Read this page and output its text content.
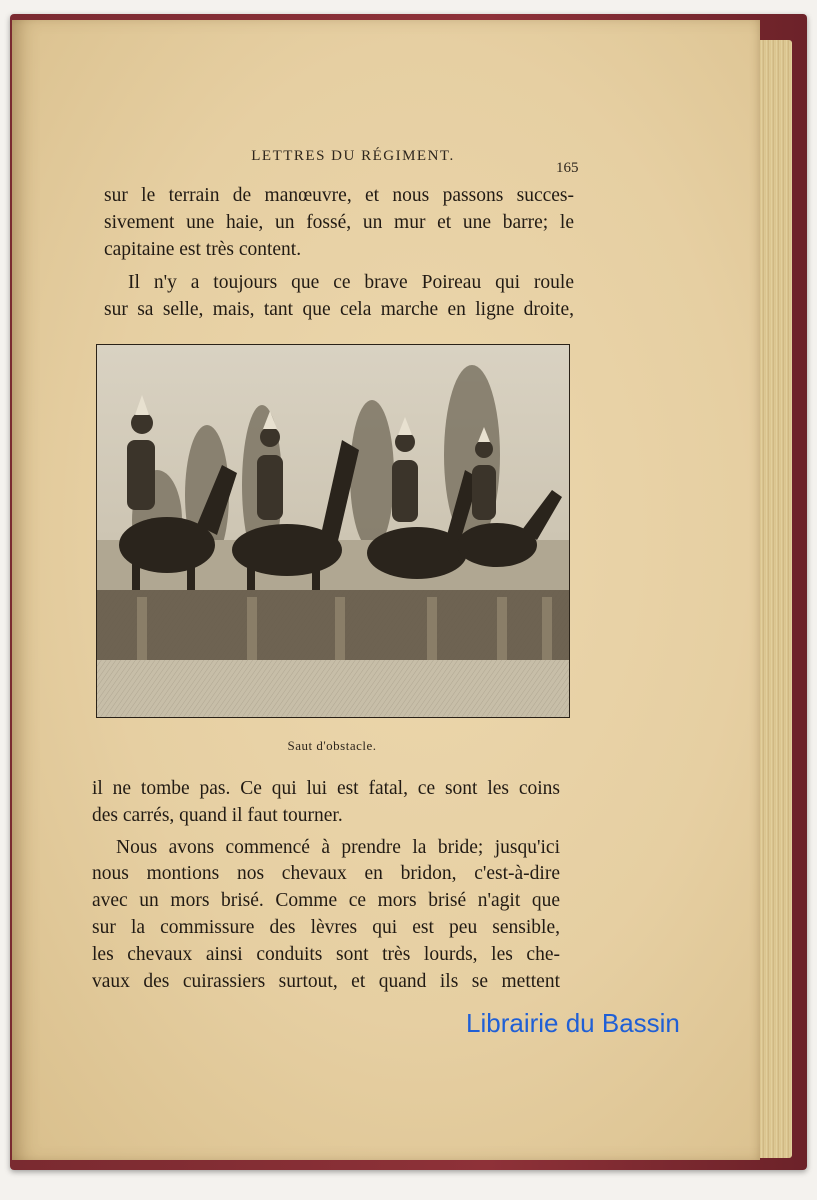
LETTRES DU RÉGIMENT.
165
sur le terrain de manœuvre, et nous passons succes-
sivement une haie, un fossé, un mur et une barre; le
capitaine est très content.
Il n'y a toujours que ce brave Poireau qui roule
sur sa selle, mais, tant que cela marche en ligne droite,
Saut d'obstacle.
il ne tombe pas. Ce qui lui est fatal, ce sont les coins
des carrés, quand il faut tourner.
Nous avons commencé à prendre la bride; jusqu'ici
nous montions nos chevaux en bridon, c'est-à-dire
avec un mors brisé. Comme ce mors brisé n'agit que
sur la commissure des lèvres qui est peu sensible,
les chevaux ainsi conduits sont très lourds, les che-
vaux des cuirassiers surtout, et quand ils se mettent
Librairie du Bassin
